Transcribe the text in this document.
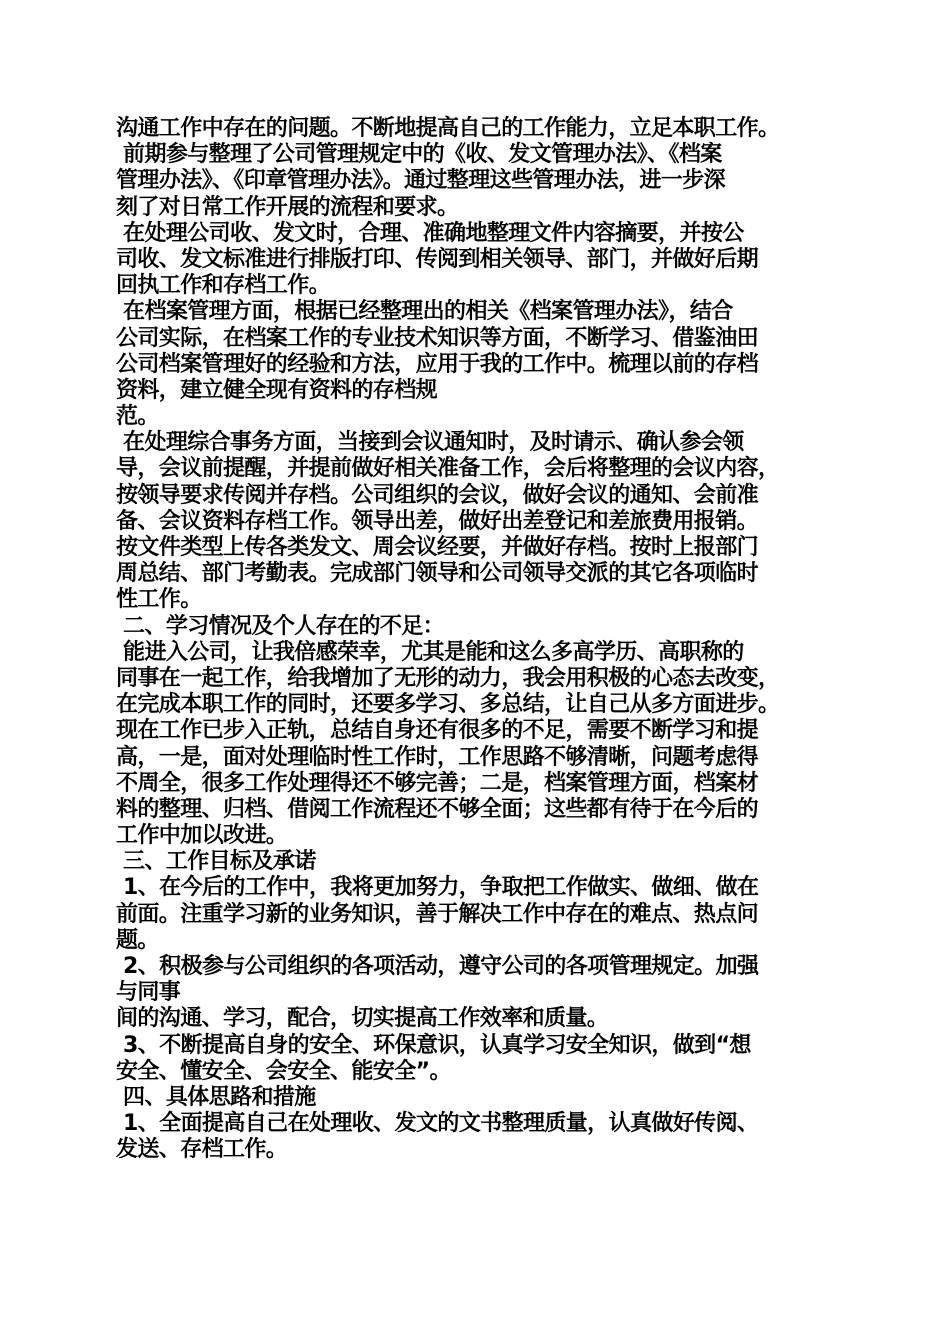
沟通工作中存在的问题。不断地提高自己的工作能力，立足本职工作。
前期参与整理了公司管理规定中的《收、发文管理办法》、《档案
管理办法》、《印章管理办法》。通过整理这些管理办法，进一步深
刻了对日常工作开展的流程和要求。
在处理公司收、发文时，合理、准确地整理文件内容摘要，并按公
司收、发文标准进行排版打印、传阅到相关领导、部门，并做好后期
回执工作和存档工作。
在档案管理方面，根据已经整理出的相关《档案管理办法》，结合
公司实际，在档案工作的专业技术知识等方面，不断学习、借鉴油田
公司档案管理好的经验和方法，应用于我的工作中。梳理以前的存档
资料，建立健全现有资料的存档规
范。
在处理综合事务方面，当接到会议通知时，及时请示、确认参会领
导，会议前提醒，并提前做好相关准备工作，会后将整理的会议内容，
按领导要求传阅并存档。公司组织的会议，做好会议的通知、会前准
备、会议资料存档工作。领导出差，做好出差登记和差旅费用报销。
按文件类型上传各类发文、周会议经要，并做好存档。按时上报部门
周总结、部门考勤表。完成部门领导和公司领导交派的其它各项临时
性工作。
二、学习情况及个人存在的不足：
能进入公司，让我倍感荣幸，尤其是能和这么多高学历、高职称的
同事在一起工作，给我增加了无形的动力，我会用积极的心态去改变，
在完成本职工作的同时，还要多学习、多总结，让自己从多方面进步。
现在工作已步入正轨，总结自身还有很多的不足，需要不断学习和提
高，一是，面对处理临时性工作时，工作思路不够清晰，问题考虑得
不周全，很多工作处理得还不够完善；二是，档案管理方面，档案材
料的整理、归档、借阅工作流程还不够全面；这些都有待于在今后的
工作中加以改进。
三、工作目标及承诺
1、在今后的工作中，我将更加努力，争取把工作做实、做细、做在
前面。注重学习新的业务知识，善于解决工作中存在的难点、热点问
题。
2、积极参与公司组织的各项活动，遵守公司的各项管理规定。加强
与同事
间的沟通、学习，配合，切实提高工作效率和质量。
3、不断提高自身的安全、环保意识，认真学习安全知识，做到“想
安全、懂安全、会安全、能安全”。
四、具体思路和措施
1、全面提高自己在处理收、发文的文书整理质量，认真做好传阅、
发送、存档工作。
